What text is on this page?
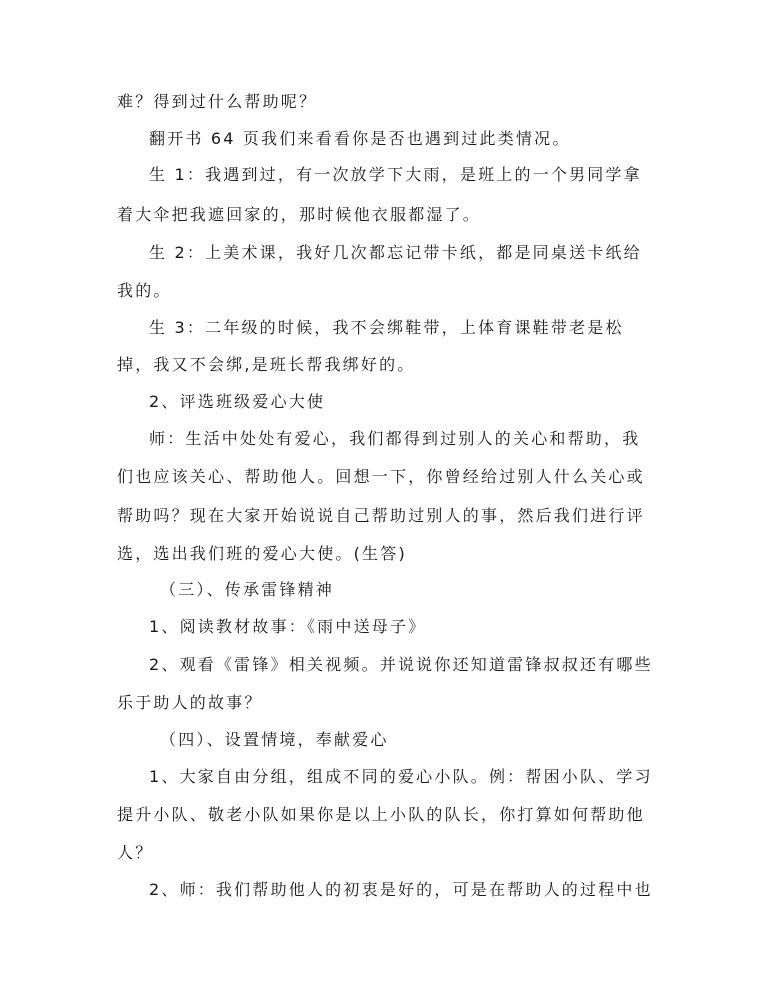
难？得到过什么帮助呢？
翻开书 64 页我们来看看你是否也遇到过此类情况。
生 1：我遇到过，有一次放学下大雨，是班上的一个男同学拿
着大伞把我遮回家的，那时候他衣服都湿了。
生 2：上美术课，我好几次都忘记带卡纸，都是同桌送卡纸给
我的。
生 3：二年级的时候，我不会绑鞋带，上体育课鞋带老是松
掉，我又不会绑,是班长帮我绑好的。
2、评选班级爱心大使
师：生活中处处有爱心，我们都得到过别人的关心和帮助，我
们也应该关心、帮助他人。回想一下，你曾经给过别人什么关心或
帮助吗？现在大家开始说说自己帮助过别人的事，然后我们进行评
选，选出我们班的爱心大使。(生答)
（三）、传承雷锋精神
1、阅读教材故事：《雨中送母子》
2、观看《雷锋》相关视频。并说说你还知道雷锋叔叔还有哪些
乐于助人的故事？
（四）、设置情境，奉献爱心
1、大家自由分组，组成不同的爱心小队。例：帮困小队、学习
提升小队、敬老小队如果你是以上小队的队长，你打算如何帮助他
人？
2、师：我们帮助他人的初衷是好的，可是在帮助人的过程中也
